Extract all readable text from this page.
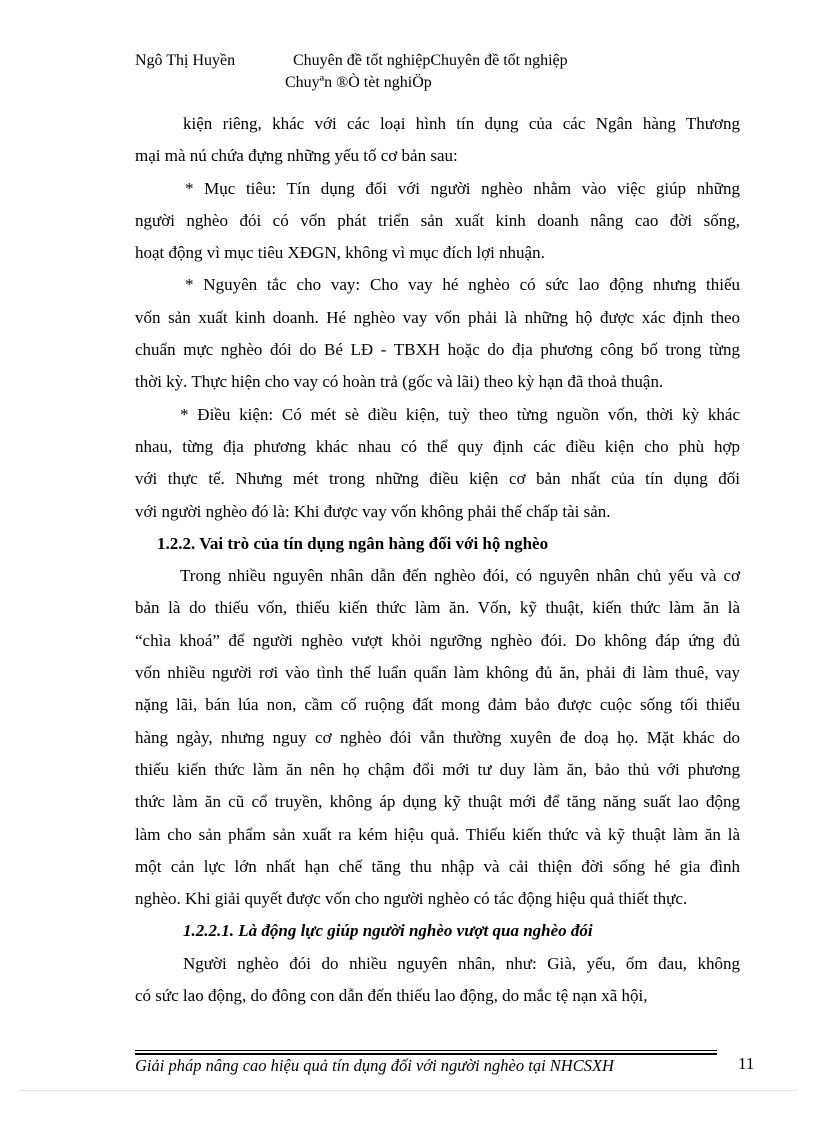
Ngô Thị Huyền	Chuyên đề tốt nghiệpChuyên đề tốt nghiệp
Chuyªn ®Ò tèt nghiÖp

kiện riêng, khác với các loại hình tín dụng của các Ngân hàng Thương

mại mà nú chứa đựng những yếu tố cơ bản sau:

* Mục tiêu: Tín dụng đối với người nghèo nhằm vào việc giúp những

người nghèo đói có vốn phát triển sản xuất kinh doanh nâng cao đời sống,

hoạt động vì mục tiêu XĐGN, không vì mục đích lợi nhuận.

* Nguyên tắc cho vay: Cho vay hé nghèo có sức lao động nhưng thiếu

vốn sản xuất kinh doanh. Hé nghèo vay vốn phải là những hộ được xác định theo

chuẩn mực nghèo đói do Bé LĐ - TBXH hoặc do địa phương công bố trong từng

thời kỳ. Thực hiện cho vay có hoàn trả (gốc và lãi) theo kỳ hạn đã thoả thuận.

* Điều kiện: Có mét sè điều kiện, tuỳ theo từng nguồn vốn, thời kỳ khác

nhau, từng địa phương khác nhau có thể quy định các điều kiện cho phù hợp

với thực tế. Nhưng mét trong những điều kiện cơ bản nhất của tín dụng đối

với người nghèo đó là: Khi được vay vốn không phải thế chấp tài sản.

1.2.2. Vai trò của tín dụng ngân hàng đối với hộ nghèo

Trong nhiều nguyên nhân dẫn đến nghèo đói, có nguyên nhân chủ yếu và cơ

bản là do thiếu vốn, thiếu kiến thức làm ăn. Vốn, kỹ thuật, kiến thức làm ăn là

“chìa khoá” để người nghèo vượt khỏi ngưỡng nghèo đói. Do không đáp ứng đủ

vốn nhiều người rơi vào tình thế luẩn quẩn làm không đủ ăn, phải đi làm thuê, vay

nặng lãi, bán lúa non, cầm cố ruộng đất mong đảm bảo được cuộc sống tối thiểu

hàng ngày, nhưng nguy cơ nghèo đói vẫn thường xuyên đe doạ họ. Mặt khác do

thiếu kiến thức làm ăn nên họ chậm đổi mới tư duy làm ăn, bảo thủ với phương

thức làm ăn cũ cổ truyền, không áp dụng kỹ thuật mới để tăng năng suất lao động

làm cho sản phẩm sản xuất ra kém hiệu quả. Thiếu kiến thức và kỹ thuật làm ăn là

một cản lực lớn nhất hạn chế tăng thu nhập và cải thiện đời sống hé gia đình

nghèo. Khi giải quyết được vốn cho người nghèo có tác động hiệu quả thiết thực.

1.2.2.1. Là động lực giúp người nghèo vượt qua nghèo đói

Người nghèo đói do nhiều nguyên nhân, như: Già, yếu, ốm đau, không

có sức lao động, do đông con dẫn đến thiếu lao động, do mắc tệ nạn xã hội,

Giải pháp nâng cao hiệu quả tín dụng đối với người nghèo tại NHCSXH	11
